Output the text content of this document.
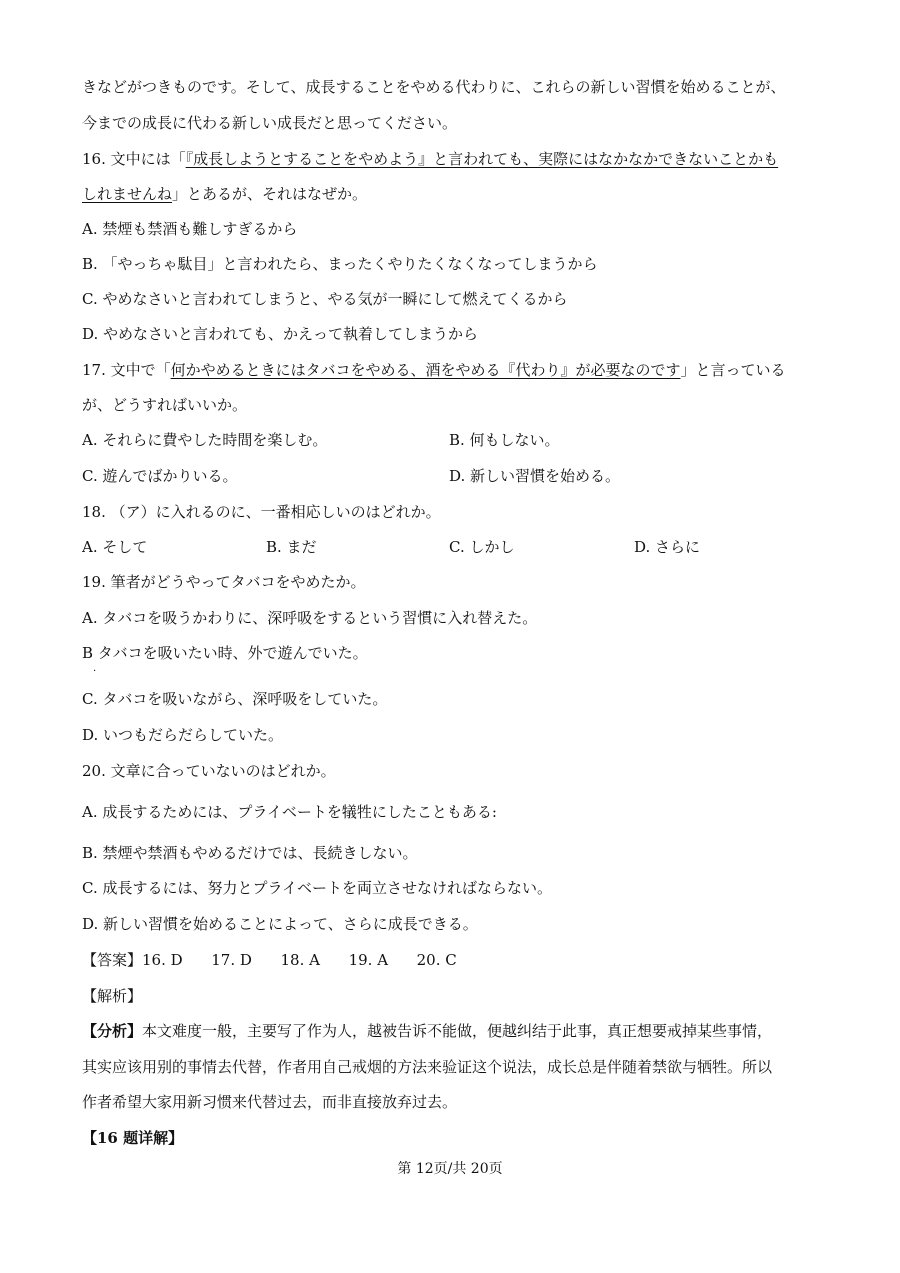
きなどがつきものです。そして、成長することをやめる代わりに、これらの新しい習慣を始めることが、
今までの成長に代わる新しい成長だと思ってください。
16. 文中には「『成長しようとすることをやめよう』と言われても、実際にはなかなかできないことかも
しれませんね」とあるが、それはなぜか。
A. 禁煙も禁酒も難しすぎるから
B. 「やっちゃ駄目」と言われたら、まったくやりたくなくなってしまうから
C. やめなさいと言われてしまうと、やる気が一瞬にして燃えてくるから
D. やめなさいと言われても、かえって執着してしまうから
17. 文中で「何かやめるときにはタバコをやめる、酒をやめる『代わり』が必要なのです」と言っている
が、どうすればいいか。
A. それらに費やした時間を楽しむ。	B. 何もしない。
C. 遊んでばかりいる。	D. 新しい習慣を始める。
18. （ア）に入れるのに、一番相応しいのはどれか。
A. そして	B. まだ	C. しかし	D. さらに
19. 筆者がどうやってタバコをやめたか。
A. タバコを吸うかわりに、深呼吸をするという習慣に入れ替えた。
B タバコを吸いたい時、外で遊んでいた。
·
C. タバコを吸いながら、深呼吸をしていた。
D. いつもだらだらしていた。
20. 文章に合っていないのはどれか。
A. 成長するためには、プライベートを犠牲にしたこともある:
B. 禁煙や禁酒もやめるだけでは、長続きしない。
C. 成長するには、努力とプライベートを両立させなければならない。
D. 新しい習慣を始めることによって、さらに成長できる。
【答案】16. D      17. D      18. A      19. A      20. C
【解析】
【分析】本文难度一般，主要写了作为人，越被告诉不能做，便越纠结于此事，真正想要戒掉某些事情，
其实应该用别的事情去代替，作者用自己戒烟的方法来验证这个说法，成长总是伴随着禁欲与牺牲。所以
作者希望大家用新习惯来代替过去，而非直接放弃过去。
【16 题详解】
第 12页/共 20页
